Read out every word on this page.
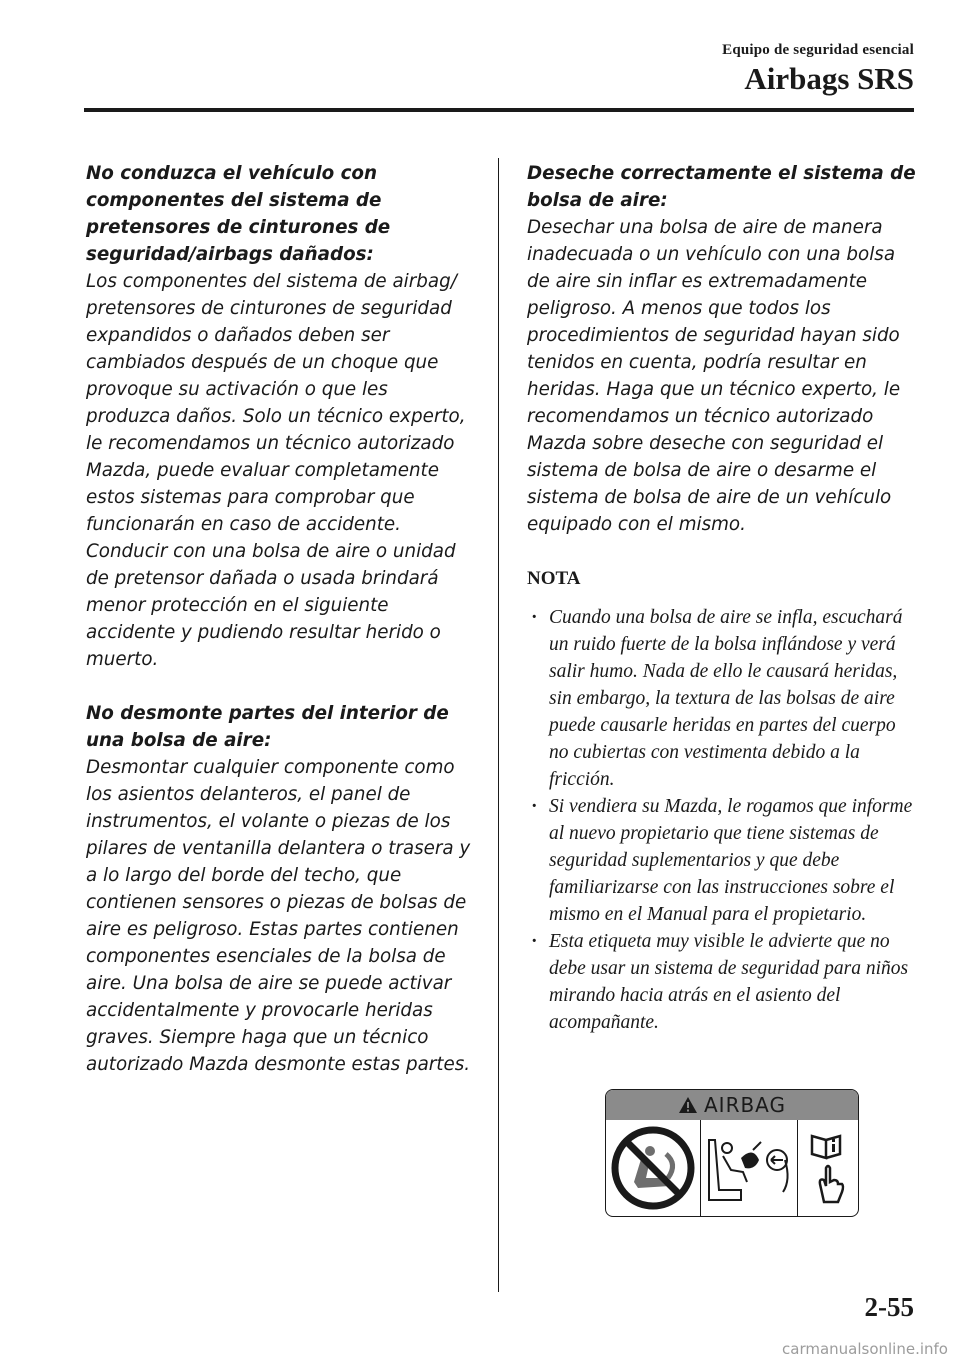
Equipo de seguridad esencial
Airbags SRS

No conduzca el vehículo con componentes del sistema de pretensores de cinturones de seguridad/airbags dañados:

Los componentes del sistema de airbag/ pretensores de cinturones de seguridad expandidos o dañados deben ser cambiados después de un choque que provoque su activación o que les produzca daños. Solo un técnico experto, le recomendamos un técnico autorizado Mazda, puede evaluar completamente estos sistemas para comprobar que funcionarán en caso de accidente. Conducir con una bolsa de aire o unidad de pretensor dañada o usada brindará menor protección en el siguiente accidente y pudiendo resultar herido o muerto.

No desmonte partes del interior de una bolsa de aire:

Desmontar cualquier componente como los asientos delanteros, el panel de instrumentos, el volante o piezas de los pilares de ventanilla delantera o trasera y a lo largo del borde del techo, que contienen sensores o piezas de bolsas de aire es peligroso. Estas partes contienen componentes esenciales de la bolsa de aire. Una bolsa de aire se puede activar accidentalmente y provocarle heridas graves. Siempre haga que un técnico autorizado Mazda desmonte estas partes.

Deseche correctamente el sistema de bolsa de aire:

Desechar una bolsa de aire de manera inadecuada o un vehículo con una bolsa de aire sin inflar es extremadamente peligroso. A menos que todos los procedimientos de seguridad hayan sido tenidos en cuenta, podría resultar en heridas. Haga que un técnico experto, le recomendamos un técnico autorizado Mazda sobre deseche con seguridad el sistema de bolsa de aire o desarme el sistema de bolsa de aire de un vehículo equipado con el mismo.

NOTA

· Cuando una bolsa de aire se infla, escuchará un ruido fuerte de la bolsa inflándose y verá salir humo. Nada de ello le causará heridas, sin embargo, la textura de las bolsas de aire puede causarle heridas en partes del cuerpo no cubiertas con vestimenta debido a la fricción.

· Si vendiera su Mazda, le rogamos que informe al nuevo propietario que tiene sistemas de seguridad suplementarios y que debe familiarizarse con las instrucciones sobre el mismo en el Manual para el propietario.

· Esta etiqueta muy visible le advierte que no debe usar un sistema de seguridad para niños mirando hacia atrás en el asiento del acompañante.

AIRBAG
2-55
carmanualsonline.info
